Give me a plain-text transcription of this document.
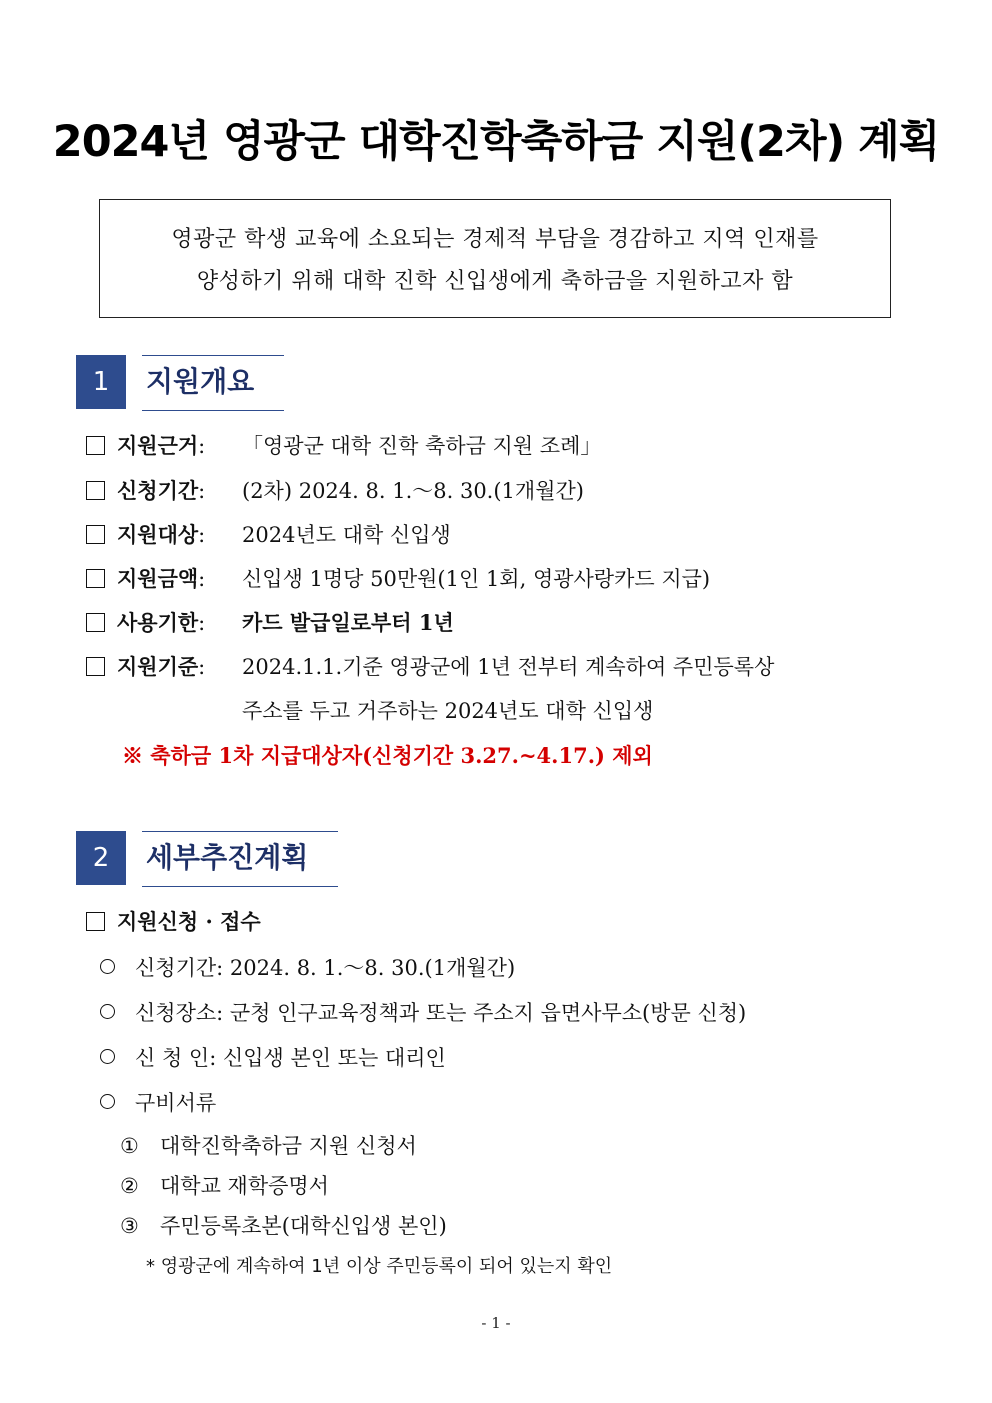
2024년 영광군 대학진학축하금 지원(2차) 계획
영광군 학생 교육에 소요되는 경제적 부담을 경감하고 지역 인재를
양성하기 위해 대학 진학 신입생에게 축하금을 지원하고자 함
1	지원개요
지원근거: 「영광군 대학 진학 축하금 지원 조례」
신청기간: (2차) 2024. 8. 1.～8. 30.(1개월간)
지원대상: 2024년도 대학 신입생
지원금액: 신입생 1명당 50만원(1인 1회, 영광사랑카드 지급)
사용기한: 카드 발급일로부터 1년
지원기준: 2024.1.1.기준 영광군에 1년 전부터 계속하여 주민등록상
주소를 두고 거주하는 2024년도 대학 신입생
※ 축하금 1차 지급대상자(신청기간 3.27.~4.17.) 제외
2	세부추진계획
지원신청 · 접수
신청기간: 2024. 8. 1.～8. 30.(1개월간)
신청장소: 군청 인구교육정책과 또는 주소지 읍면사무소(방문 신청)
신 청 인: 신입생 본인 또는 대리인
구비서류
① 대학진학축하금 지원 신청서
② 대학교 재학증명서
③ 주민등록초본(대학신입생 본인)
* 영광군에 계속하여 1년 이상 주민등록이 되어 있는지 확인
- 1 -
